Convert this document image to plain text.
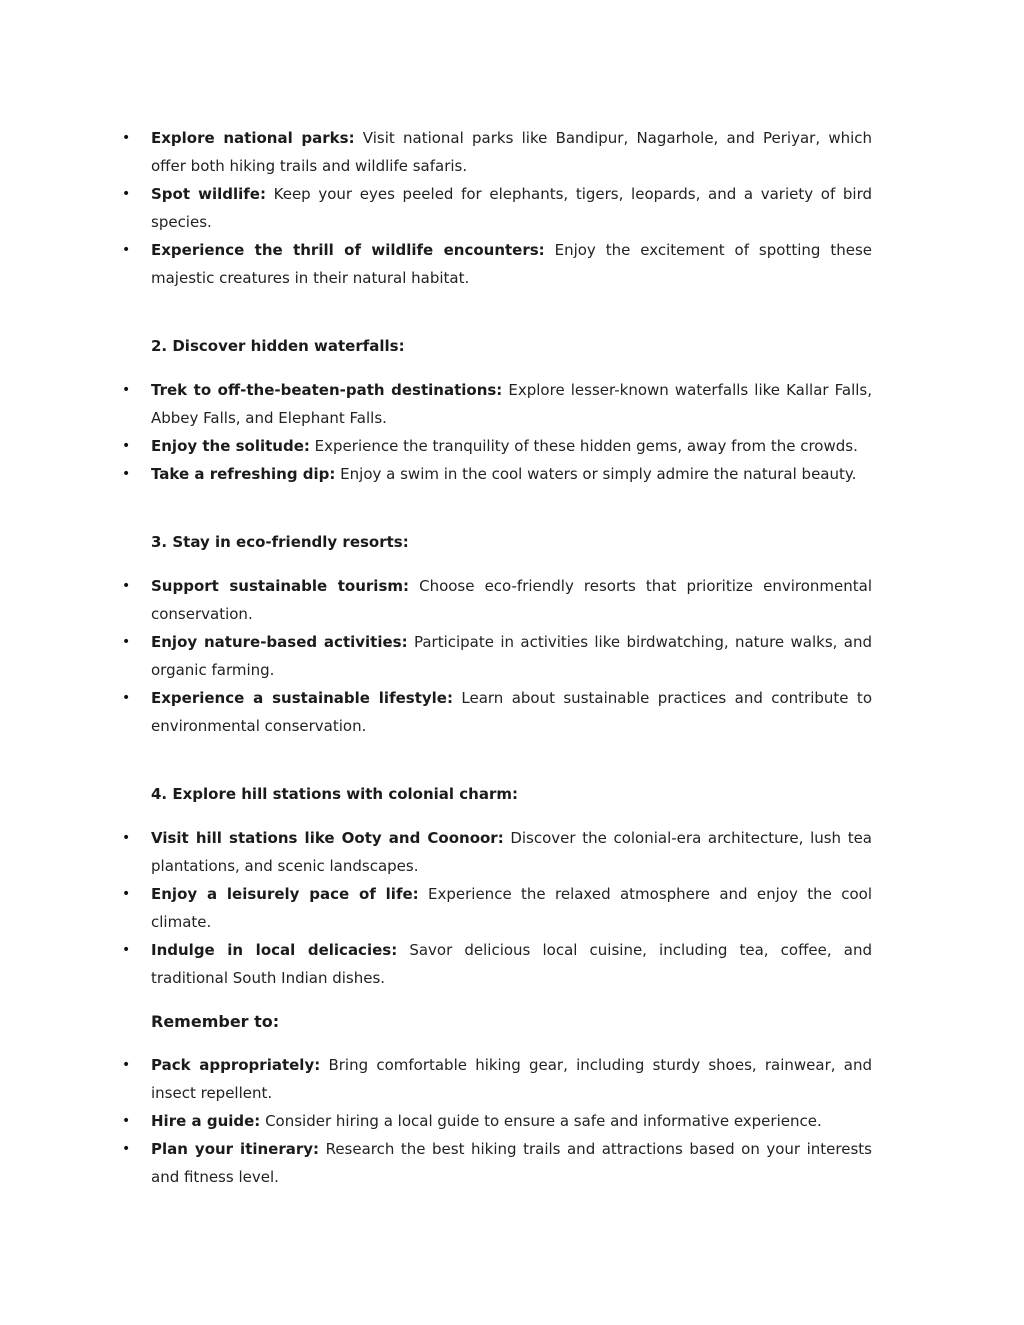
• Explore national parks: Visit national parks like Bandipur, Nagarhole, and Periyar, which offer both hiking trails and wildlife safaris.
• Spot wildlife: Keep your eyes peeled for elephants, tigers, leopards, and a variety of bird species.
• Experience the thrill of wildlife encounters: Enjoy the excitement of spotting these majestic creatures in their natural habitat.
2. Discover hidden waterfalls:
• Trek to off-the-beaten-path destinations: Explore lesser-known waterfalls like Kallar Falls, Abbey Falls, and Elephant Falls.
• Enjoy the solitude: Experience the tranquility of these hidden gems, away from the crowds.
• Take a refreshing dip: Enjoy a swim in the cool waters or simply admire the natural beauty.
3. Stay in eco-friendly resorts:
• Support sustainable tourism: Choose eco-friendly resorts that prioritize environmental conservation.
• Enjoy nature-based activities: Participate in activities like birdwatching, nature walks, and organic farming.
• Experience a sustainable lifestyle: Learn about sustainable practices and contribute to environmental conservation.
4. Explore hill stations with colonial charm:
• Visit hill stations like Ooty and Coonoor: Discover the colonial-era architecture, lush tea plantations, and scenic landscapes.
• Enjoy a leisurely pace of life: Experience the relaxed atmosphere and enjoy the cool climate.
• Indulge in local delicacies: Savor delicious local cuisine, including tea, coffee, and traditional South Indian dishes.
Remember to:
• Pack appropriately: Bring comfortable hiking gear, including sturdy shoes, rainwear, and insect repellent.
• Hire a guide: Consider hiring a local guide to ensure a safe and informative experience.
• Plan your itinerary: Research the best hiking trails and attractions based on your interests and fitness level.
